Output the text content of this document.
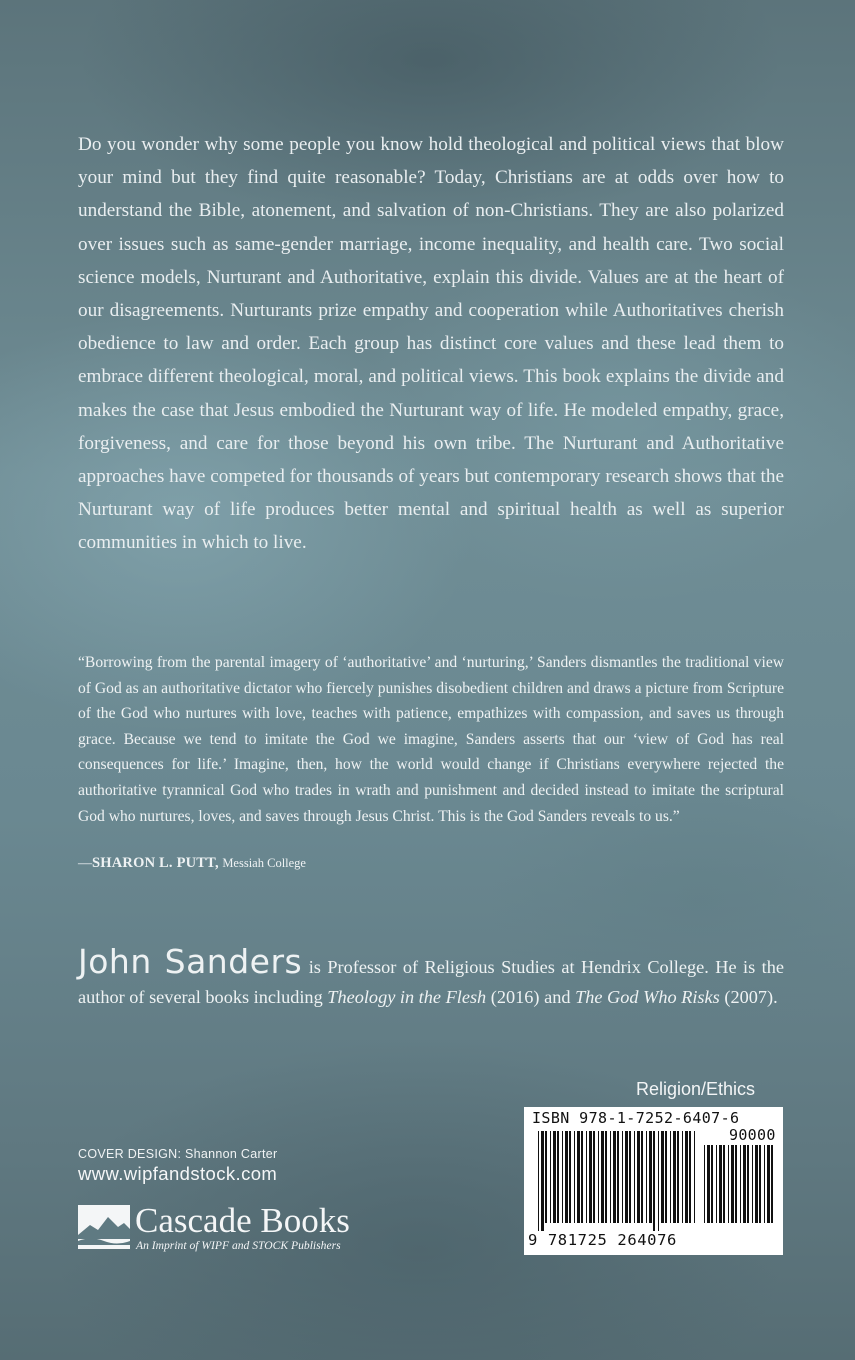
Do you wonder why some people you know hold theological and political views that blow your mind but they find quite reasonable? Today, Christians are at odds over how to understand the Bible, atonement, and salvation of non-Christians. They are also polarized over issues such as same-gender marriage, income inequality, and health care. Two social science models, Nurturant and Authoritative, explain this divide. Values are at the heart of our disagreements. Nurturants prize empathy and cooperation while Authoritatives cherish obedience to law and order. Each group has distinct core values and these lead them to embrace different theological, moral, and political views. This book explains the divide and makes the case that Jesus embodied the Nurturant way of life. He modeled empathy, grace, forgiveness, and care for those beyond his own tribe. The Nurturant and Authoritative approaches have competed for thousands of years but contemporary research shows that the Nurturant way of life produces better mental and spiritual health as well as superior communities in which to live.

“Borrowing from the parental imagery of ‘authoritative’ and ‘nurturing,’ Sanders dismantles the traditional view of God as an authoritative dictator who fiercely punishes disobedient children and draws a picture from Scripture of the God who nurtures with love, teaches with patience, empathizes with compassion, and saves us through grace. Because we tend to imitate the God we imagine, Sanders asserts that our ‘view of God has real consequences for life.’ Imagine, then, how the world would change if Christians everywhere rejected the authoritative tyrannical God who trades in wrath and punishment and decided instead to imitate the scriptural God who nurtures, loves, and saves through Jesus Christ. This is the God Sanders reveals to us.”

—SHARON L. PUTT, Messiah College

John Sanders is Professor of Religious Studies at Hendrix College. He is the author of several books including Theology in the Flesh (2016) and The God Who Risks (2007).

Religion/Ethics
ISBN 978-1-7252-6407-6
90000
9 781725 264076
COVER DESIGN: Shannon Carter
www.wipfandstock.com
Cascade Books
An Imprint of WIPF and STOCK Publishers
